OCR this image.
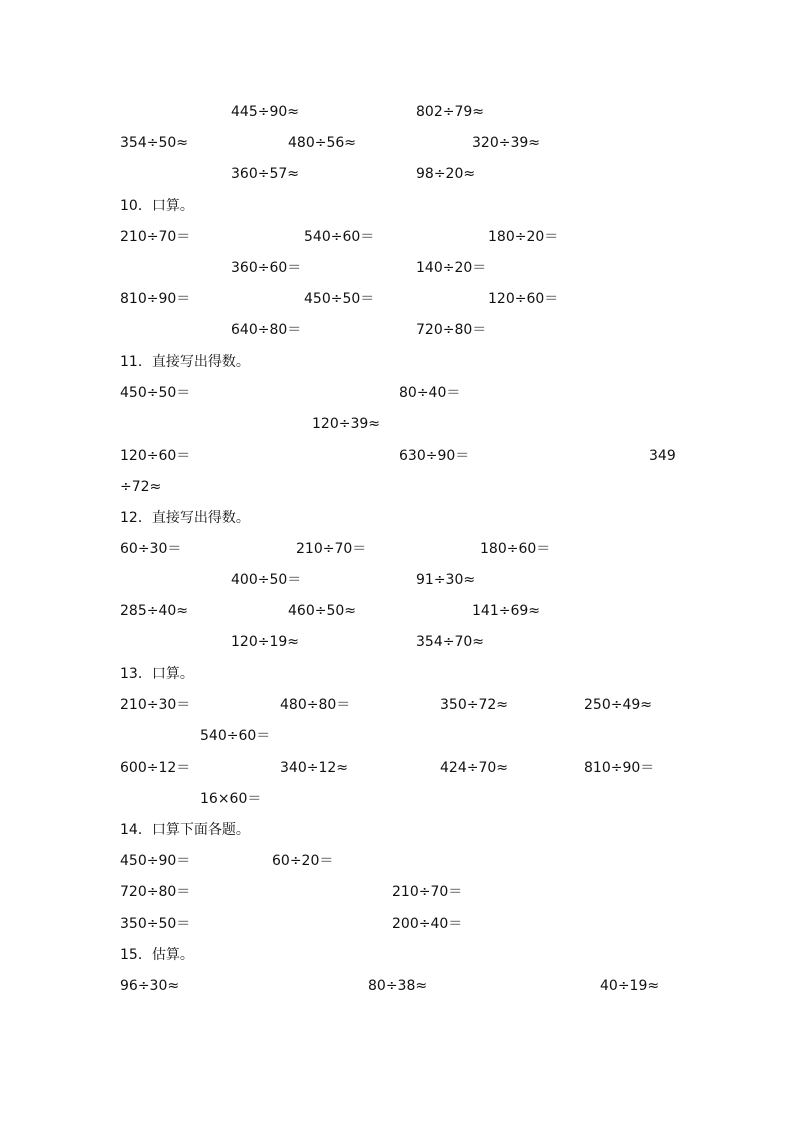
445÷90≈	802÷79≈
354÷50≈	480÷56≈	320÷39≈
360÷57≈	98÷20≈
10．口算。
210÷70＝	540÷60＝	180÷20＝
360÷60＝	140÷20＝
810÷90＝	450÷50＝	120÷60＝
640÷80＝	720÷80＝
11．直接写出得数。
450÷50＝	80÷40＝
120÷39≈
120÷60＝	630÷90＝	349
÷72≈
12．直接写出得数。
60÷30＝	210÷70＝	180÷60＝
400÷50＝	91÷30≈
285÷40≈	460÷50≈	141÷69≈
120÷19≈	354÷70≈
13．口算。
210÷30＝	480÷80＝	350÷72≈	250÷49≈
540÷60＝
600÷12＝	340÷12≈	424÷70≈	810÷90＝
16×60＝
14．口算下面各题。
450÷90＝	60÷20＝
720÷80＝	210÷70＝
350÷50＝	200÷40＝
15．估算。
96÷30≈	80÷38≈	40÷19≈
